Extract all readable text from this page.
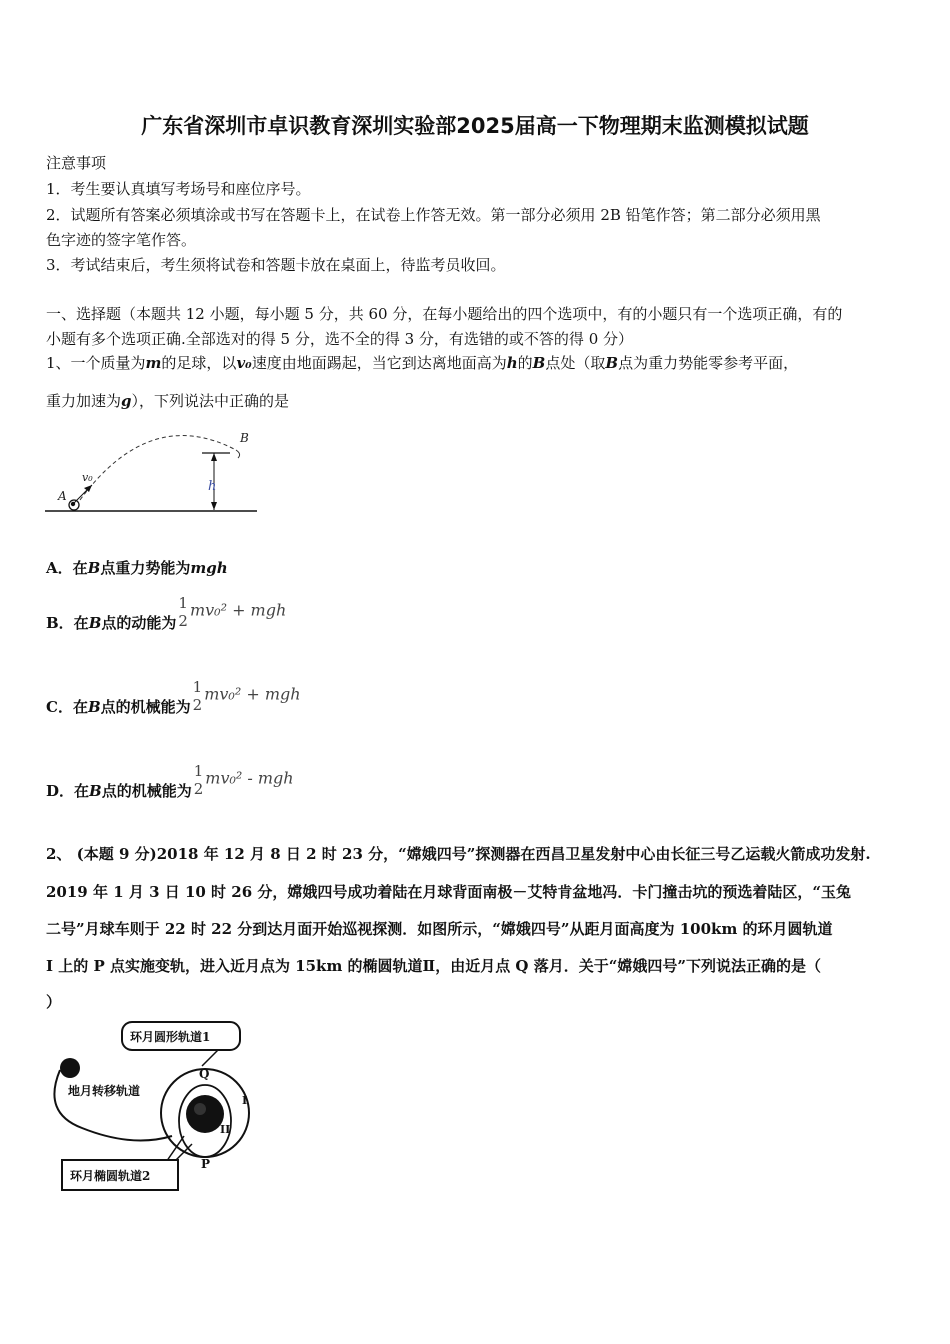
广东省深圳市卓识教育深圳实验部2025届高一下物理期末监测模拟试题
注意事项
1．考生要认真填写考场号和座位序号。
2．试题所有答案必须填涂或书写在答题卡上，在试卷上作答无效。第一部分必须用 2B 铅笔作答；第二部分必须用黑
色字迹的签字笔作答。
3．考试结束后，考生须将试卷和答题卡放在桌面上，待监考员收回。
一、选择题（本题共 12 小题，每小题 5 分，共 60 分，在每小题给出的四个选项中，有的小题只有一个选项正确，有的
小题有多个选项正确.全部选对的得 5 分，选不全的得 3 分，有选错的或不答的得 0 分）
1、一个质量为m的足球，以v₀速度由地面踢起，当它到达离地面高为h的B点处（取B点为重力势能零参考平面，
重力加速为g），下列说法中正确的是
A
B
v₀
h
A．在B点重力势能为mgh
B．在B点的动能为
1
2
mv₀² + mgh
C．在B点的机械能为
1
2
mv₀² + mgh
D．在B点的机械能为
1
2
mv₀² - mgh
2、 (本题 9 分)2018 年 12 月 8 日 2 时 23 分，“嫦娥四号”探测器在西昌卫星发射中心由长征三号乙运载火箭成功发射.
2019 年 1 月 3 日 10 时 26 分，嫦娥四号成功着陆在月球背面南极－艾特肯盆地冯．卡门撞击坑的预选着陆区，“玉兔
二号”月球车则于 22 时 22 分到达月面开始巡视探测．如图所示，“嫦娥四号”从距月面高度为 100km 的环月圆轨道
I 上的 P 点实施变轨，进入近月点为 15km 的椭圆轨道Ⅱ，由近月点 Q 落月．关于“嫦娥四号”下列说法正确的是（
）
环月圆形轨道1
地月转移轨道
Q
I
II
P
环月椭圆轨道2
